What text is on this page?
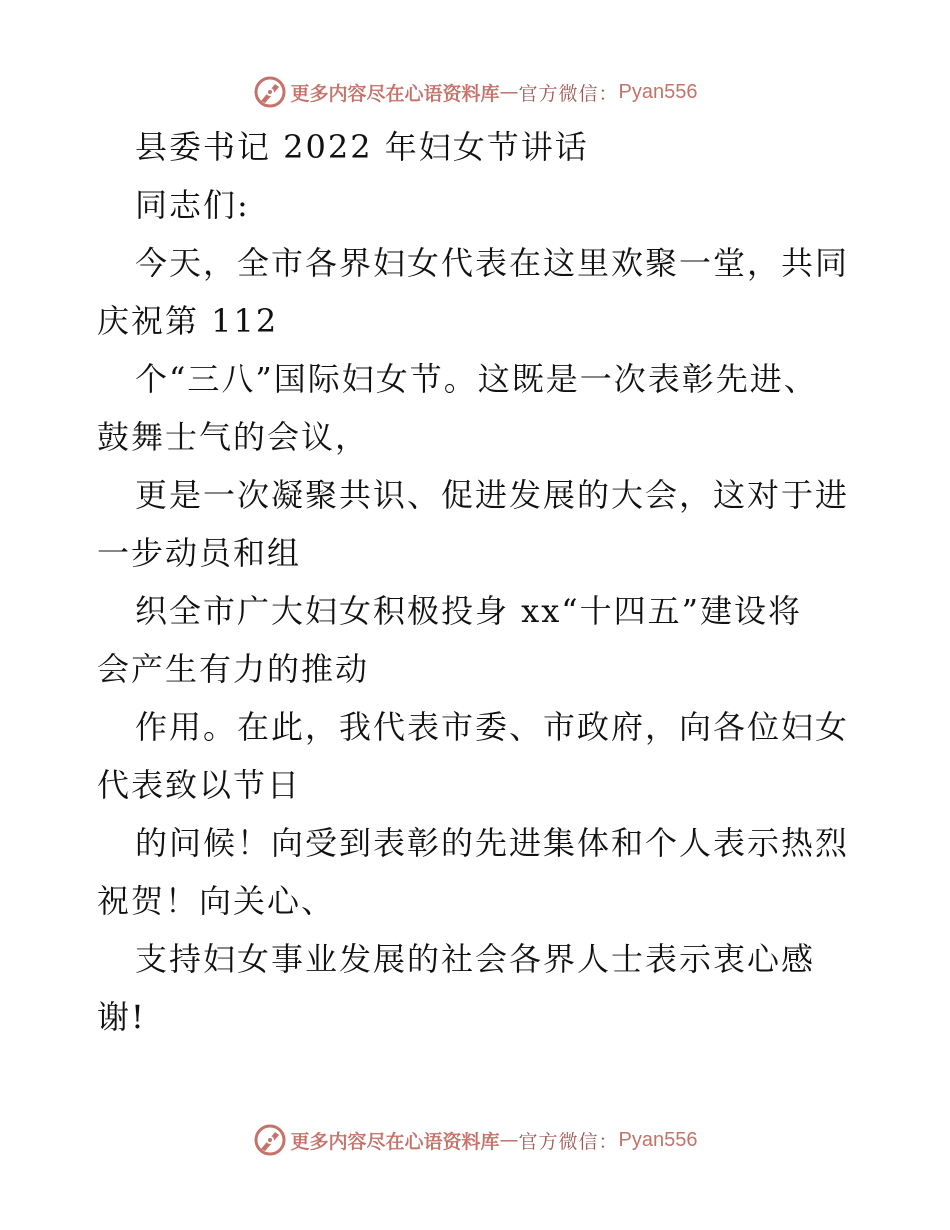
更多内容尽在心语资料库 — 官方微信： Pyan556
县委书记 2022 年妇女节讲话
同志们:
今天，全市各界妇女代表在这里欢聚一堂，共同
庆祝第 112
个“三八”国际妇女节。这既是一次表彰先进、
鼓舞士气的会议，
更是一次凝聚共识、促进发展的大会，这对于进
一步动员和组
织全市广大妇女积极投身 xx“十四五”建设将
会产生有力的推动
作用。在此，我代表市委、市政府，向各位妇女
代表致以节日
的问候！向受到表彰的先进集体和个人表示热烈
祝贺！向关心、
支持妇女事业发展的社会各界人士表示衷心感
谢!
更多内容尽在心语资料库 — 官方微信： Pyan556
